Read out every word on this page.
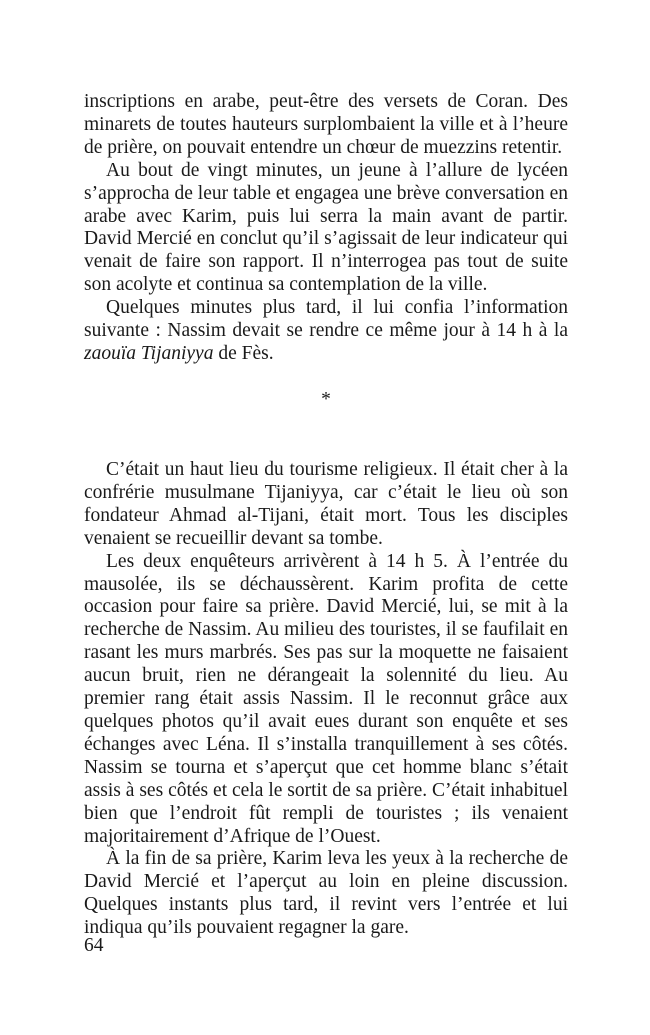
inscriptions en arabe, peut-être des versets de Coran. Des minarets de toutes hauteurs surplombaient la ville et à l’heure de prière, on pouvait entendre un chœur de muezzins retentir.

Au bout de vingt minutes, un jeune à l’allure de lycéen s’approcha de leur table et engagea une brève conversation en arabe avec Karim, puis lui serra la main avant de partir. David Mercié en conclut qu’il s’agissait de leur indicateur qui venait de faire son rapport. Il n’interrogea pas tout de suite son acolyte et continua sa contemplation de la ville.

Quelques minutes plus tard, il lui confia l’information suivante : Nassim devait se rendre ce même jour à 14 h à la zaouïa Tijaniyya de Fès.

*

C’était un haut lieu du tourisme religieux. Il était cher à la confrérie musulmane Tijaniyya, car c’était le lieu où son fondateur Ahmad al-Tijani, était mort. Tous les disciples venaient se recueillir devant sa tombe.

Les deux enquêteurs arrivèrent à 14 h 5. À l’entrée du mausolée, ils se déchaussèrent. Karim profita de cette occasion pour faire sa prière. David Mercié, lui, se mit à la recherche de Nassim. Au milieu des touristes, il se faufilait en rasant les murs marbrés. Ses pas sur la moquette ne faisaient aucun bruit, rien ne dérangeait la solennité du lieu. Au premier rang était assis Nassim. Il le reconnut grâce aux quelques photos qu’il avait eues durant son enquête et ses échanges avec Léna. Il s’installa tranquillement à ses côtés. Nassim se tourna et s’aperçut que cet homme blanc s’était assis à ses côtés et cela le sortit de sa prière. C’était inhabituel bien que l’endroit fût rempli de touristes ; ils venaient majoritairement d’Afrique de l’Ouest.

À la fin de sa prière, Karim leva les yeux à la recherche de David Mercié et l’aperçut au loin en pleine discussion. Quelques instants plus tard, il revint vers l’entrée et lui indiqua qu’ils pouvaient regagner la gare.

64
